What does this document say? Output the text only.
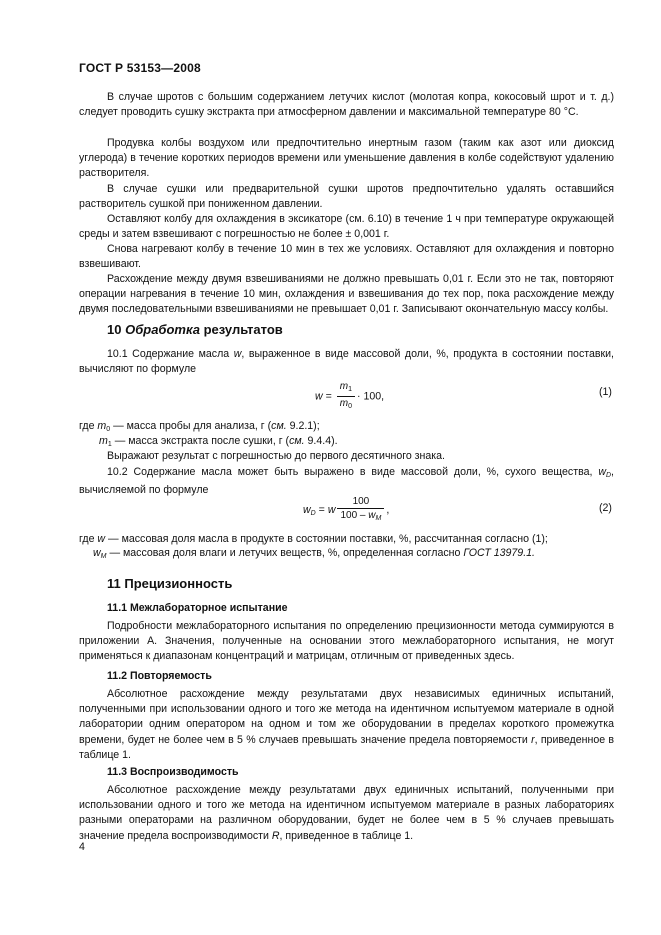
ГОСТ Р 53153—2008
В случае шротов с большим содержанием летучих кислот (молотая копра, кокосовый шрот и т. д.) следует проводить сушку экстракта при атмосферном давлении и максимальной температуре 80 °С.
Продувка колбы воздухом или предпочтительно инертным газом (таким как азот или диоксид углерода) в течение коротких периодов времени или уменьшение давления в колбе содействуют удалению растворителя.
В случае сушки или предварительной сушки шротов предпочтительно удалять оставшийся растворитель сушкой при пониженном давлении.
Оставляют колбу для охлаждения в эксикаторе (см. 6.10) в течение 1 ч при температуре окружающей среды и затем взвешивают с погрешностью не более ± 0,001 г.
Снова нагревают колбу в течение 10 мин в тех же условиях. Оставляют для охлаждения и повторно взвешивают.
Расхождение между двумя взвешиваниями не должно превышать 0,01 г. Если это не так, повторяют операции нагревания в течение 10 мин, охлаждения и взвешивания до тех пор, пока расхождение между двумя последовательными взвешиваниями не превышает 0,01 г. Записывают окончательную массу колбы.
10 Обработка результатов
10.1 Содержание масла w, выраженное в виде массовой доли, %, продукта в состоянии поставки, вычисляют по формуле
$w = \frac{m_1}{m_0} \cdot 100$,	(1)
где $m_0$ — масса пробы для анализа, г (см. 9.2.1);
$m_1$ — масса экстракта после сушки, г (см. 9.4.4).
Выражают результат с погрешностью до первого десятичного знака.
10.2 Содержание масла может быть выражено в виде массовой доли, %, сухого вещества, $w_D$, вычисляемой по формуле
$w_D = w \frac{100}{100 - w_M}$ ,	(2)
где w — массовая доля масла в продукте в состоянии поставки, %, рассчитанная согласно (1);
$w_M$ — массовая доля влаги и летучих веществ, %, определенная согласно ГОСТ 13979.1.
11 Прецизионность
11.1 Межлабораторное испытание
Подробности межлабораторного испытания по определению прецизионности метода суммируются в приложении А. Значения, полученные на основании этого межлабораторного испытания, не могут применяться к диапазонам концентраций и матрицам, отличным от приведенных здесь.
11.2 Повторяемость
Абсолютное расхождение между результатами двух независимых единичных испытаний, полученными при использовании одного и того же метода на идентичном испытуемом материале в одной лаборатории одним оператором на одном и том же оборудовании в пределах короткого промежутка времени, будет не более чем в 5 % случаев превышать значение предела повторяемости r, приведенное в таблице 1.
11.3 Воспроизводимость
Абсолютное расхождение между результатами двух единичных испытаний, полученными при использовании одного и того же метода на идентичном испытуемом материале в разных лабораториях разными операторами на различном оборудовании, будет не более чем в 5 % случаев превышать значение предела воспроизводимости R, приведенное в таблице 1.
4
